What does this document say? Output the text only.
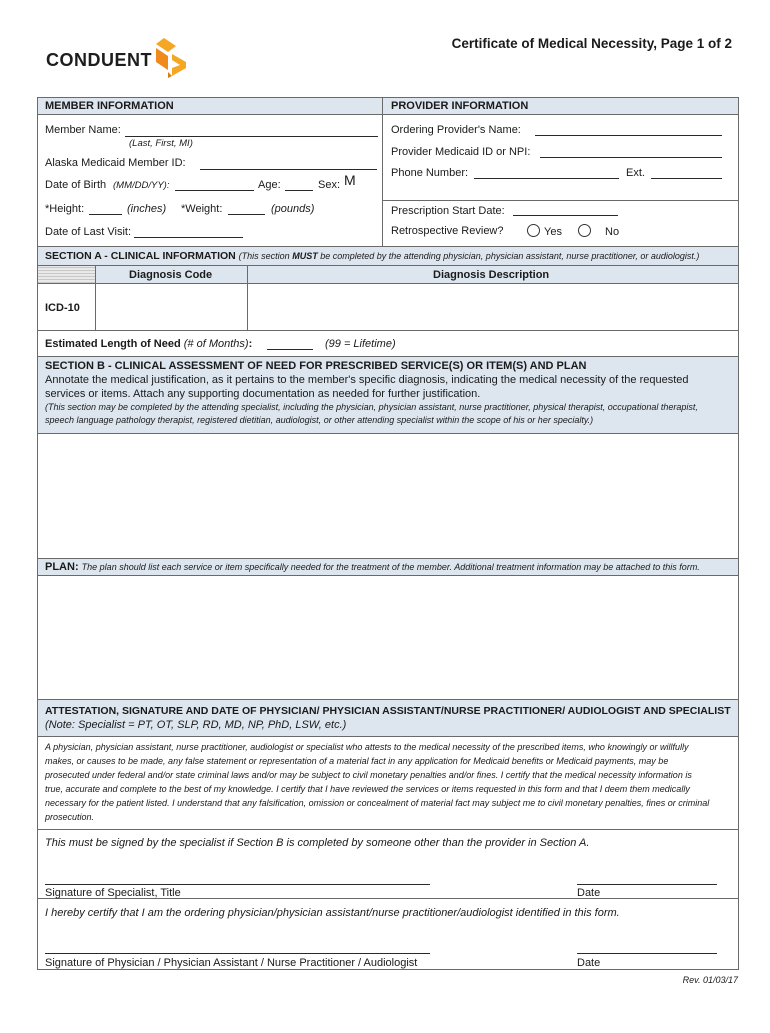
CONDUENT
Certificate of Medical Necessity, Page 1 of 2
MEMBER INFORMATION
Member Name:
(Last, First, MI)
Alaska Medicaid Member ID:
Date of Birth (MM/DD/YY):	Age:	Sex: M
*Height:	(inches) *Weight:	(pounds)
Date of Last Visit:
PROVIDER INFORMATION
Ordering Provider's Name:
Provider Medicaid ID or NPI:
Phone Number:	Ext.
Prescription Start Date:
Retrospective Review?	Yes	No
SECTION A - CLINICAL INFORMATION (This section MUST be completed by the attending physician, physician assistant, nurse practitioner, or audiologist.)
Diagnosis Code	Diagnosis Description
ICD-10
Estimated Length of Need (# of Months):	(99 = Lifetime)
SECTION B - CLINICAL ASSESSMENT OF NEED FOR PRESCRIBED SERVICE(S) OR ITEM(S) AND PLAN
Annotate the medical justification, as it pertains to the member's specific diagnosis, indicating the medical necessity of the requested
services or items. Attach any supporting documentation as needed for further justification.
(This section may be completed by the attending specialist, including the physician, physician assistant, nurse practitioner, physical therapist, occupational therapist,
speech language pathology therapist, registered dietitian, audiologist, or other attending specialist within the scope of his or her specialty.)
PLAN: The plan should list each service or item specifically needed for the treatment of the member. Additional treatment information may be attached to this form.
ATTESTATION, SIGNATURE AND DATE OF PHYSICIAN/ PHYSICIAN ASSISTANT/NURSE PRACTITIONER/ AUDIOLOGIST AND SPECIALIST
(Note: Specialist = PT, OT, SLP, RD, MD, NP, PhD, LSW, etc.)
A physician, physician assistant, nurse practitioner, audiologist or specialist who attests to the medical necessity of the prescribed items, who knowingly or willfully
makes, or causes to be made, any false statement or representation of a material fact in any application for Medicaid benefits or Medicaid payments, may be
prosecuted under federal and/or state criminal laws and/or may be subject to civil monetary penalties and/or fines. I certify that the medical necessity information is
true, accurate and complete to the best of my knowledge. I certify that I have reviewed the services or items requested in this form and that I deem them medically
necessary for the patient listed. I understand that any falsification, omission or concealment of material fact may subject me to civil monetary penalties, fines or criminal
prosecution.
This must be signed by the specialist if Section B is completed by someone other than the provider in Section A.
Signature of Specialist, Title	Date
I hereby certify that I am the ordering physician/physician assistant/nurse practitioner/audiologist identified in this form.
Signature of Physician / Physician Assistant / Nurse Practitioner / Audiologist	Date
Rev. 01/03/17
